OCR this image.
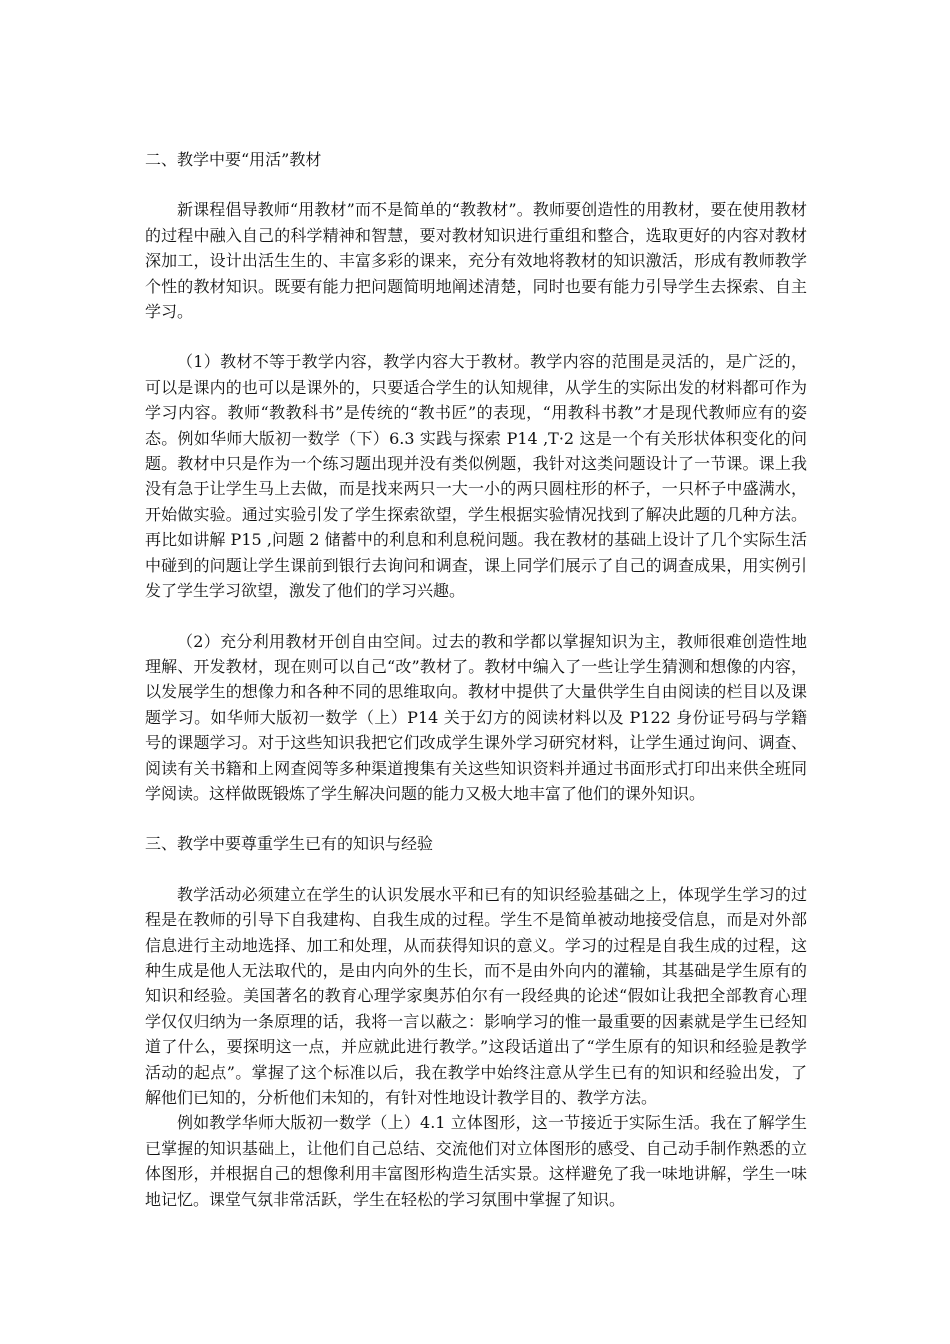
二、教学中要“用活”教材

新课程倡导教师“用教材”而不是简单的“教教材”。教师要创造性的用教材，要在使用教材的过程中融入自己的科学精神和智慧，要对教材知识进行重组和整合，选取更好的内容对教材深加工，设计出活生生的、丰富多彩的课来，充分有效地将教材的知识激活，形成有教师教学个性的教材知识。既要有能力把问题简明地阐述清楚，同时也要有能力引导学生去探索、自主学习。

（1）教材不等于教学内容，教学内容大于教材。教学内容的范围是灵活的，是广泛的，可以是课内的也可以是课外的，只要适合学生的认知规律，从学生的实际出发的材料都可作为学习内容。教师“教教科书”是传统的“教书匠”的表现，“用教科书教”才是现代教师应有的姿态。例如华师大版初一数学（下）6.3 实践与探索 P14 ,T·2 这是一个有关形状体积变化的问题。教材中只是作为一个练习题出现并没有类似例题，我针对这类问题设计了一节课。课上我没有急于让学生马上去做，而是找来两只一大一小的两只圆柱形的杯子，一只杯子中盛满水，开始做实验。通过实验引发了学生探索欲望，学生根据实验情况找到了解决此题的几种方法。再比如讲解 P15 ,问题 2 储蓄中的利息和利息税问题。我在教材的基础上设计了几个实际生活中碰到的问题让学生课前到银行去询问和调查，课上同学们展示了自己的调查成果，用实例引发了学生学习欲望，激发了他们的学习兴趣。

（2）充分利用教材开创自由空间。过去的教和学都以掌握知识为主，教师很难创造性地理解、开发教材，现在则可以自己“改”教材了。教材中编入了一些让学生猜测和想像的内容，以发展学生的想像力和各种不同的思维取向。教材中提供了大量供学生自由阅读的栏目以及课题学习。如华师大版初一数学（上）P14 关于幻方的阅读材料以及 P122 身份证号码与学籍号的课题学习。对于这些知识我把它们改成学生课外学习研究材料，让学生通过询问、调查、阅读有关书籍和上网查阅等多种渠道搜集有关这些知识资料并通过书面形式打印出来供全班同学阅读。这样做既锻炼了学生解决问题的能力又极大地丰富了他们的课外知识。

三、教学中要尊重学生已有的知识与经验

教学活动必须建立在学生的认识发展水平和已有的知识经验基础之上，体现学生学习的过程是在教师的引导下自我建构、自我生成的过程。学生不是简单被动地接受信息，而是对外部信息进行主动地选择、加工和处理，从而获得知识的意义。学习的过程是自我生成的过程，这种生成是他人无法取代的，是由内向外的生长，而不是由外向内的灌输，其基础是学生原有的知识和经验。美国著名的教育心理学家奥苏伯尔有一段经典的论述“假如让我把全部教育心理学仅仅归纳为一条原理的话，我将一言以蔽之：影响学习的惟一最重要的因素就是学生已经知道了什么，要探明这一点，并应就此进行教学。”这段话道出了“学生原有的知识和经验是教学活动的起点”。掌握了这个标准以后，我在教学中始终注意从学生已有的知识和经验出发，了解他们已知的，分析他们未知的，有针对性地设计教学目的、教学方法。

例如教学华师大版初一数学（上）4.1 立体图形，这一节接近于实际生活。我在了解学生已掌握的知识基础上，让他们自己总结、交流他们对立体图形的感受、自己动手制作熟悉的立体图形，并根据自己的想像利用丰富图形构造生活实景。这样避免了我一味地讲解，学生一味地记忆。课堂气氛非常活跃，学生在轻松的学习氛围中掌握了知识。
